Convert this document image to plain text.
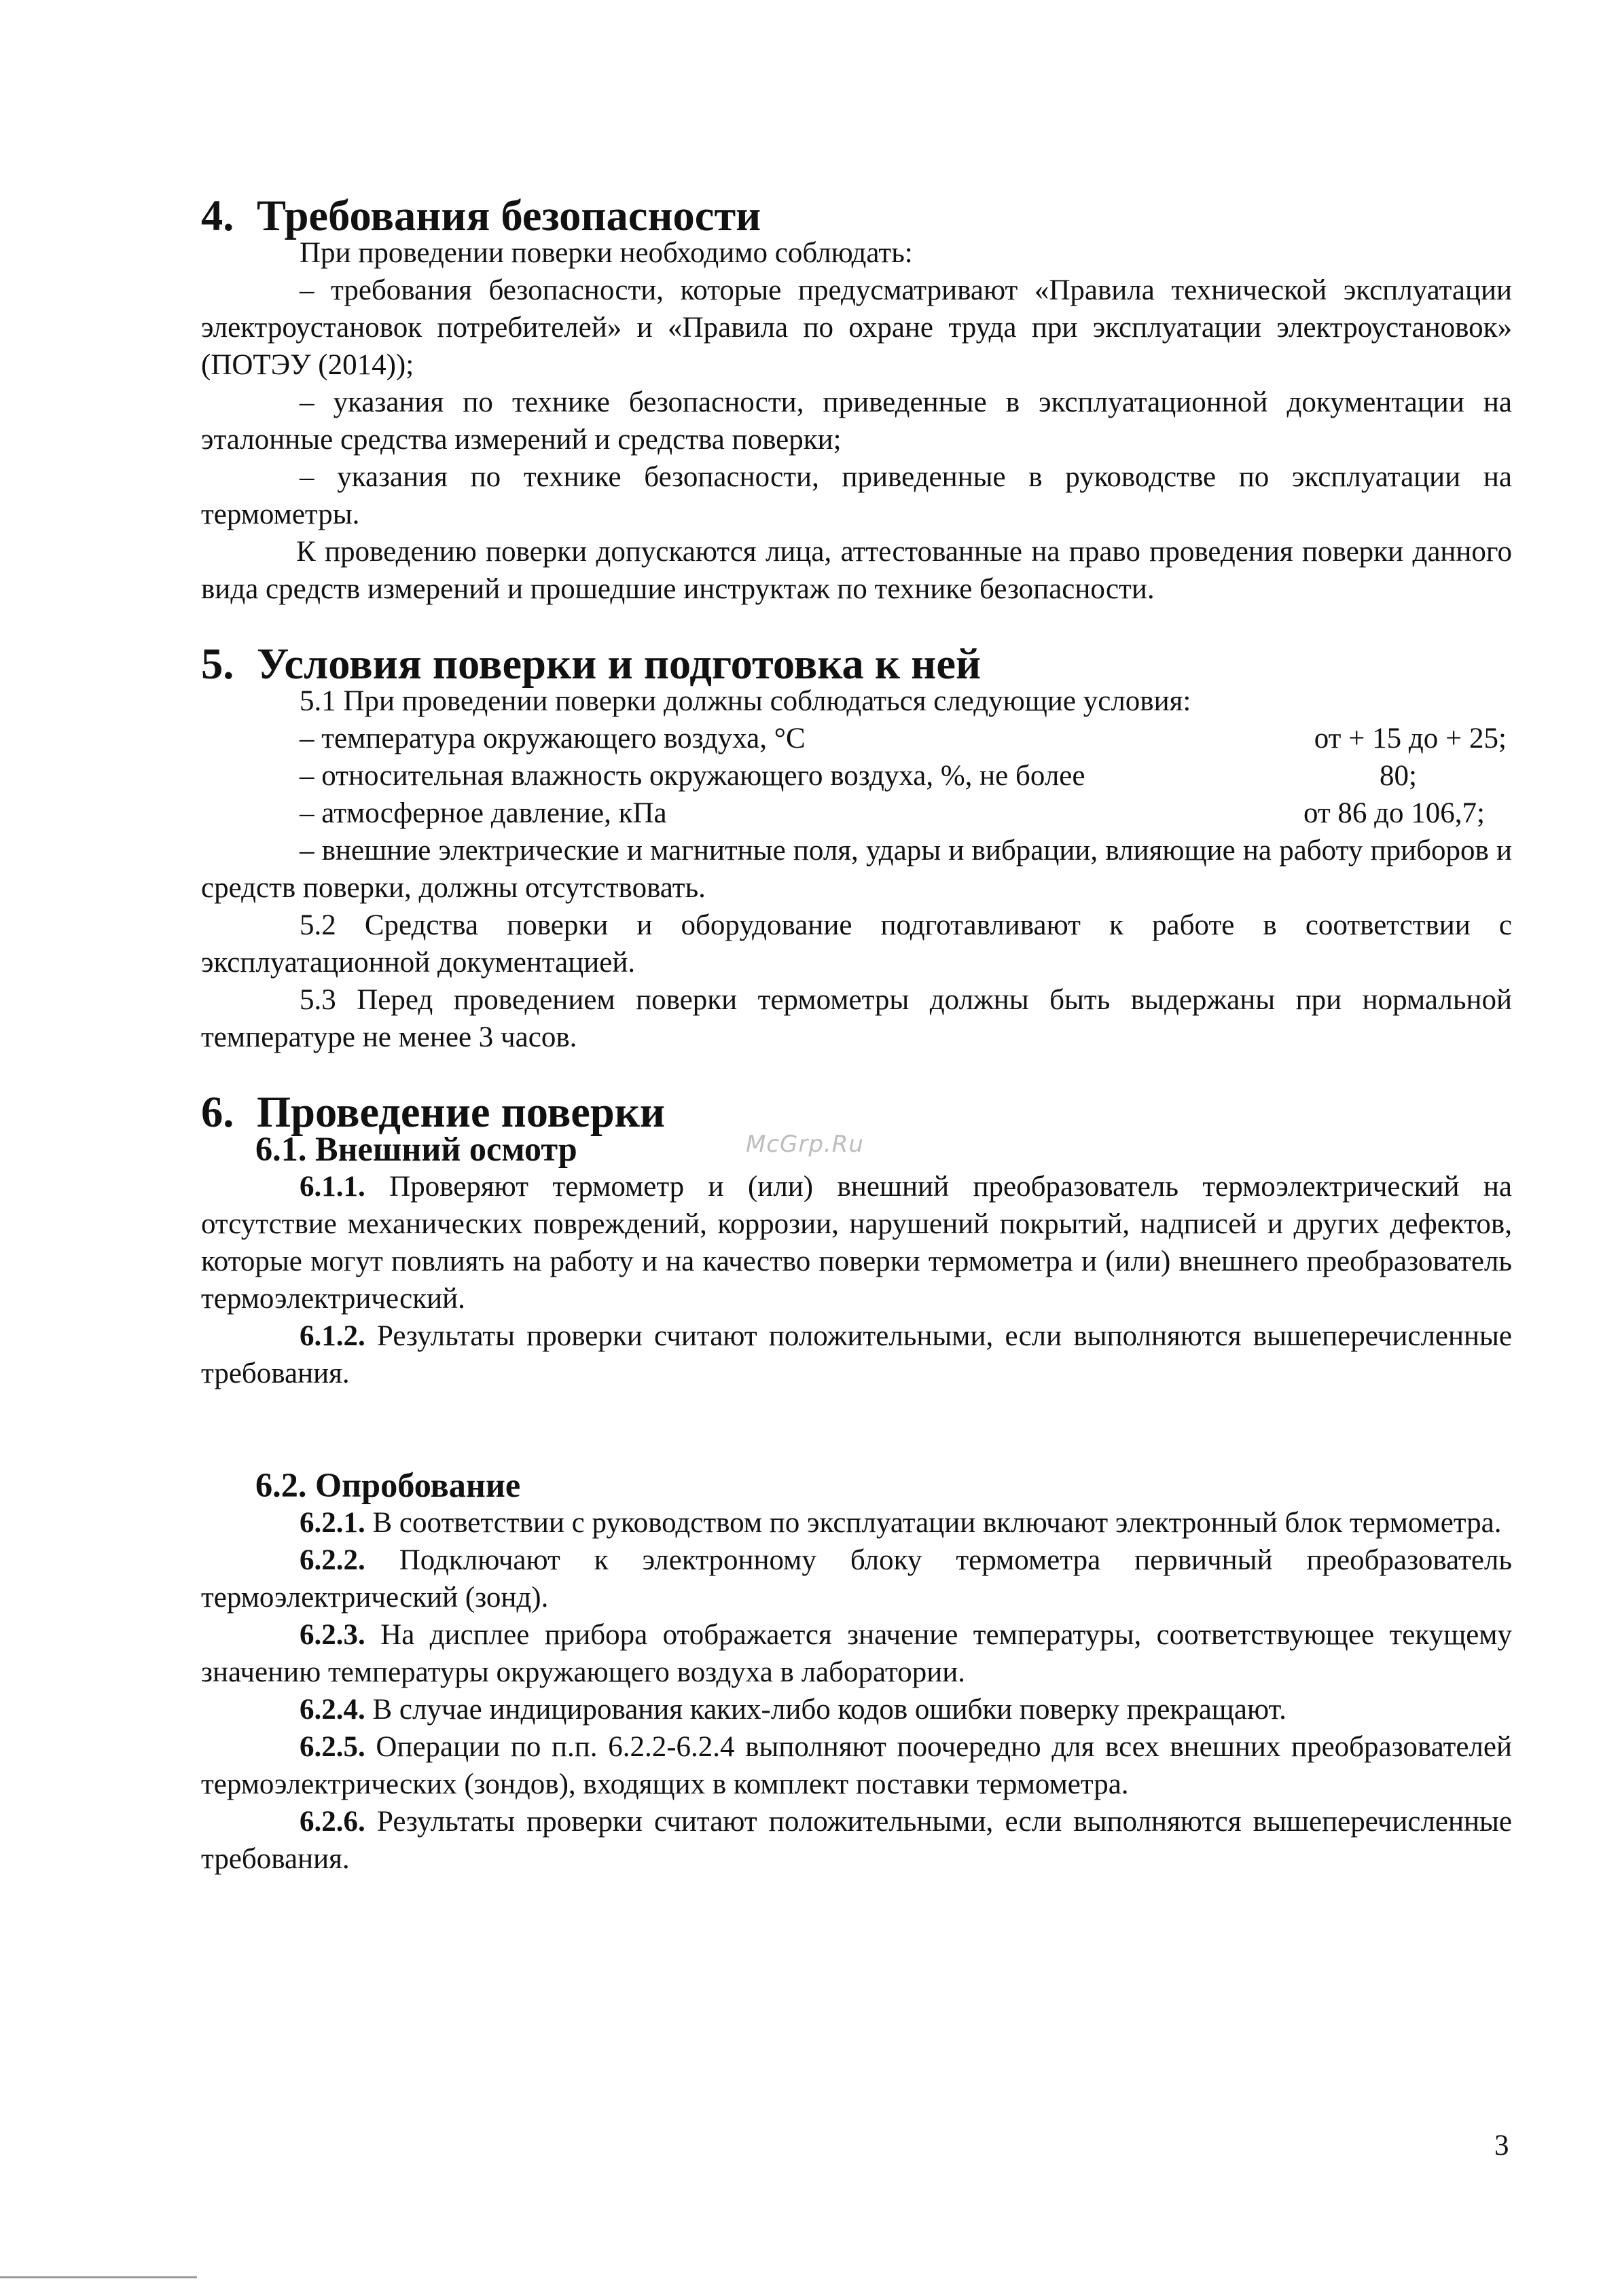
4. Требования безопасности

При проведении поверки необходимо соблюдать:

– требования безопасности, которые предусматривают «Правила технической эксплуатации электроустановок потребителей» и «Правила по охране труда при эксплуатации электроустановок» (ПОТЭУ (2014));

– указания по технике безопасности, приведенные в эксплуатационной документации на эталонные средства измерений и средства поверки;

– указания по технике безопасности, приведенные в руководстве по эксплуатации на термометры.

К проведению поверки допускаются лица, аттестованные на право проведения поверки данного вида средств измерений и прошедшие инструктаж по технике безопасности.

5. Условия поверки и подготовка к ней

5.1 При проведении поверки должны соблюдаться следующие условия:

– температура окружающего воздуха, °С	от + 15 до + 25;
– относительная влажность окружающего воздуха, %, не более	80;
– атмосферное давление, кПа	от 86 до 106,7;

– внешние электрические и магнитные поля, удары и вибрации, влияющие на работу приборов и средств поверки, должны отсутствовать.

5.2 Средства поверки и оборудование подготавливают к работе в соответствии с эксплуатационной документацией.

5.3 Перед проведением поверки термометры должны быть выдержаны при нормальной температуре не менее 3 часов.

6. Проведение поверки
6.1. Внешний осмотр

6.1.1. Проверяют термометр и (или) внешний преобразователь термоэлектрический на отсутствие механических повреждений, коррозии, нарушений покрытий, надписей и других дефектов, которые могут повлиять на работу и на качество поверки термометра и (или) внешнего преобразователь термоэлектрический.

6.1.2. Результаты проверки считают положительными, если выполняются вышеперечисленные требования.

6.2. Опробование

6.2.1. В соответствии с руководством по эксплуатации включают электронный блок термометра.

6.2.2. Подключают к электронному блоку термометра первичный преобразователь термоэлектрический (зонд).

6.2.3. На дисплее прибора отображается значение температуры, соответствующее текущему значению температуры окружающего воздуха в лаборатории.

6.2.4. В случае индицирования каких-либо кодов ошибки поверку прекращают.

6.2.5. Операции по п.п. 6.2.2-6.2.4 выполняют поочередно для всех внешних преобразователей термоэлектрических (зондов), входящих в комплект поставки термометра.

6.2.6. Результаты проверки считают положительными, если выполняются вышеперечисленные требования.

McGrp.Ru
3
